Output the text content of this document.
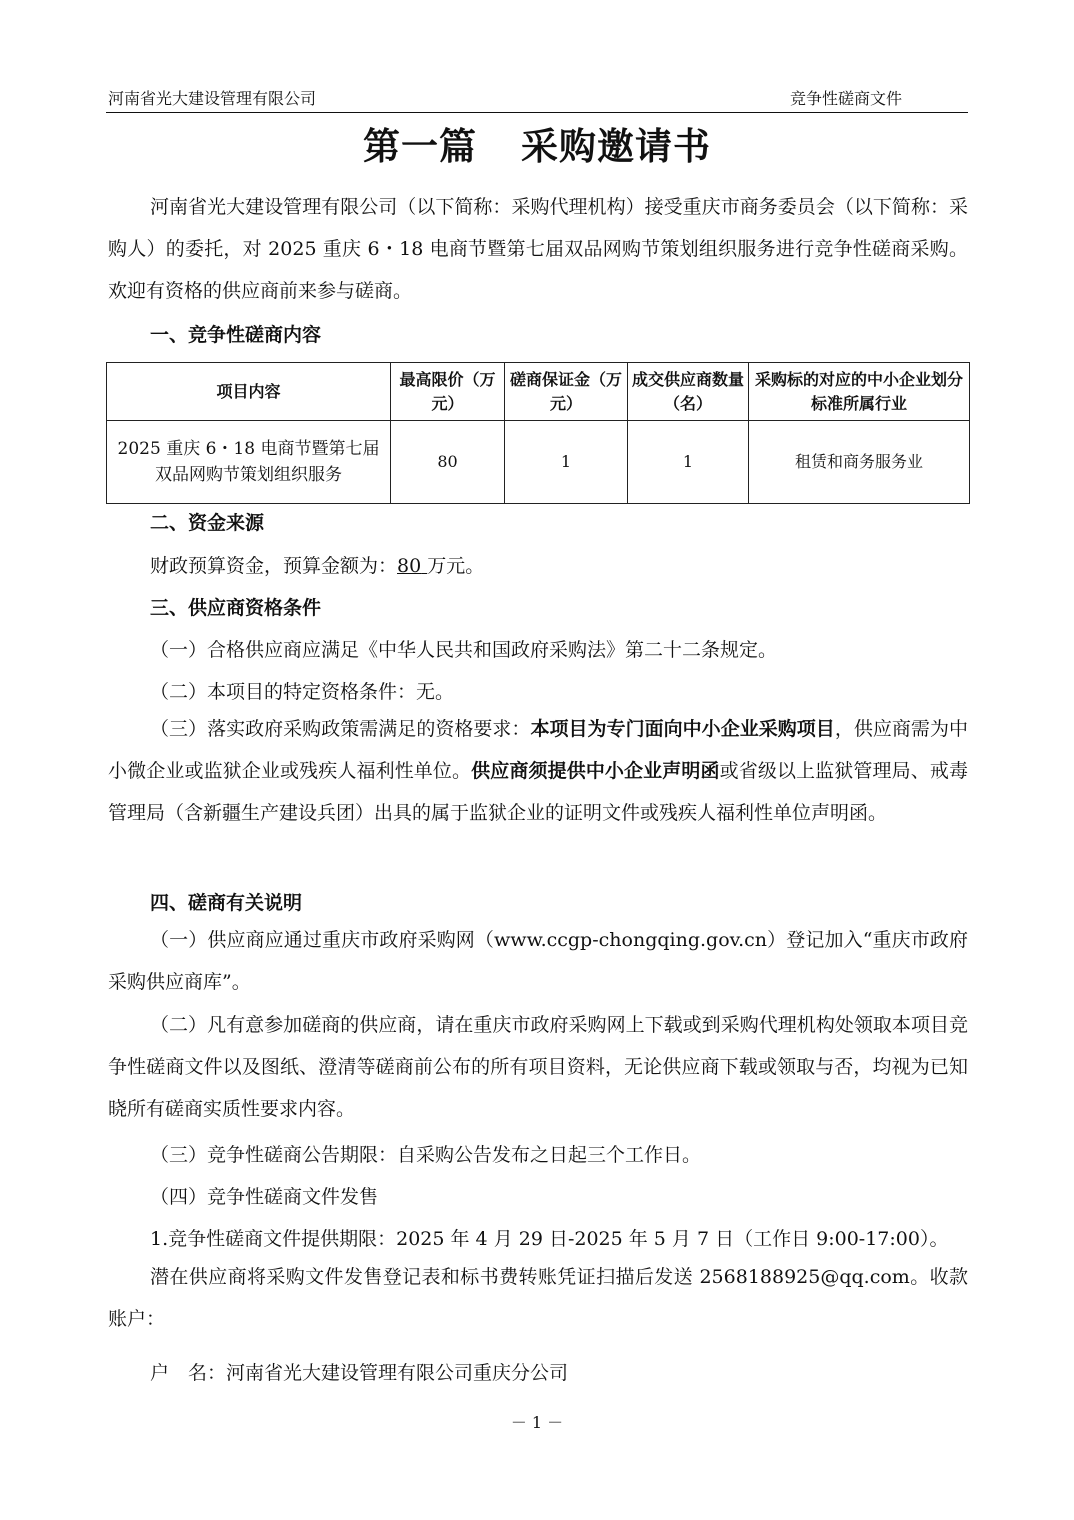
河南省光大建设管理有限公司	竞争性磋商文件
第一篇 采购邀请书
河南省光大建设管理有限公司（以下简称：采购代理机构）接受重庆市商务委员会（以下简称：采购人）的委托，对 2025 重庆 6・18 电商节暨第七届双品网购节策划组织服务进行竞争性磋商采购。欢迎有资格的供应商前来参与磋商。
一、竞争性磋商内容
项目内容	最高限价（万元）	磋商保证金（万元）	成交供应商数量（名）	采购标的对应的中小企业划分标准所属行业
2025 重庆 6・18 电商节暨第七届双品网购节策划组织服务	80	1	1	租赁和商务服务业
二、资金来源
财政预算资金，预算金额为：80 万元。
三、供应商资格条件
（一）合格供应商应满足《中华人民共和国政府采购法》第二十二条规定。
（二）本项目的特定资格条件：无。
（三）落实政府采购政策需满足的资格要求：本项目为专门面向中小企业采购项目，供应商需为中小微企业或监狱企业或残疾人福利性单位。供应商须提供中小企业声明函或省级以上监狱管理局、戒毒管理局（含新疆生产建设兵团）出具的属于监狱企业的证明文件或残疾人福利性单位声明函。
四、磋商有关说明
（一）供应商应通过重庆市政府采购网（www.ccgp-chongqing.gov.cn）登记加入“重庆市政府采购供应商库”。
（二）凡有意参加磋商的供应商，请在重庆市政府采购网上下载或到采购代理机构处领取本项目竞争性磋商文件以及图纸、澄清等磋商前公布的所有项目资料，无论供应商下载或领取与否，均视为已知晓所有磋商实质性要求内容。
（三）竞争性磋商公告期限：自采购公告发布之日起三个工作日。
（四）竞争性磋商文件发售
1.竞争性磋商文件提供期限：2025 年 4 月 29 日-2025 年 5 月 7 日（工作日 9:00-17:00）。
潜在供应商将采购文件发售登记表和标书费转账凭证扫描后发送 2568188925@qq.com。收款账户：
户　名：河南省光大建设管理有限公司重庆分公司
－ 1 －
